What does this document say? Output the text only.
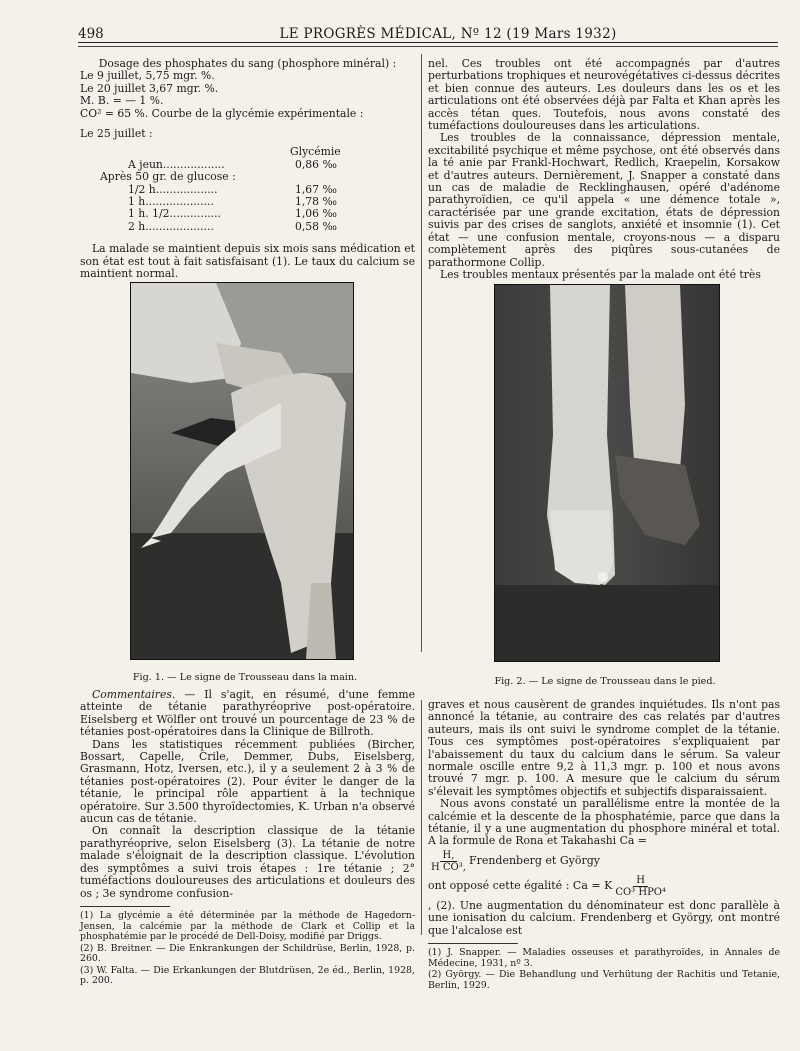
498	LE PROGRÈS MÉDICAL, Nº 12 (19 Mars 1932)

Dosage des phosphates du sang (phosphore minéral) :

Le 9 juillet, 5,75 mgr. %.

Le 20 juillet 3,67 mgr. %.

M. B. = — 1 %.

CO² = 65 %. Courbe de la glycémie expérimentale :

Le 25 juillet :

Glycémie

A jeun..................	0,86 ‰

Après 50 gr. de glucose :

1/2 h..................	1,67 ‰
1 h....................	1,78 ‰
1 h. 1/2...............	1,06 ‰
2 h....................	0,58 ‰

La malade se maintient depuis six mois sans médication et son état est tout à fait satisfaisant (1). Le taux du calcium se maintient normal.

nel. Ces troubles ont été accompagnés par d'autres perturbations trophiques et neurovégétatives ci-dessus décrites et bien connue des auteurs. Les douleurs dans les os et les articulations ont été observées déjà par Falta et Khan après les accès tétan ques. Toutefois, nous avons constaté des tuméfactions douloureuses dans les articulations.

Les troubles de la connaissance, dépression mentale, excitabilité psychique et même psychose, ont été observés dans la té anie par Frankl-Hochwart, Redlich, Kraepelin, Korsakow et d'autres auteurs. Dernièrement, J. Snapper a constaté dans un cas de maladie de Recklinghausen, opéré d'adénome parathyroïdien, ce qu'il appela « une démence totale », caractérisée par une grande excitation, états de dépression suivis par des crises de sanglots, anxiété et insomnie (1). Cet état — une confusion mentale, croyons-nous — a disparu complètement après des piqûres sous-cutanées de parathormone Collip.

Les troubles mentaux présentés par la malade ont été très

Fig. 1. — Le signe de Trousseau dans la main.	Fig. 2. — Le signe de Trousseau dans le pied.

Commentaires. — Il s'agit, en résumé, d'une femme atteinte de tétanie parathyréoprive post-opératoire. Eiselsberg et Wölfler ont trouvé un pourcentage de 23 % de tétanies post-opératoires dans la Clinique de Billroth.

Dans les statistiques récemment publiées (Bircher, Bossart, Capelle, Crile, Demmer, Dubs, Eiselsberg, Grasmann, Hotz, Iversen, etc.), il y a seulement 2 à 3 % de tétanies post-opératoires (2). Pour éviter le danger de la tétanie, le principal rôle appartient à la technique opératoire. Sur 3.500 thyroïdectomies, K. Urban n'a observé aucun cas de tétanie.

On connaît la description classique de la tétanie parathyréoprive, selon Eiselsberg (3). La tétanie de notre malade s'éloignait de la description classique. L'évolution des symptômes a suivi trois étapes : 1re tétanie ; 2° tuméfactions douloureuses des articulations et douleurs des os ; 3e syndrome confusion-

(1) La glycémie a été déterminée par la méthode de Hagedorn-Jensen, la calcémie par la méthode de Clark et Collip et la phosphatémie par le procédé de Dell-Doisy, modifié par Driggs.

(2) B. Breitner. — Die Enkrankungen der Schildrüse, Berlin, 1928, p. 260.

(3) W. Falta. — Die Erkankungen der Blutdrüsen, 2e éd., Berlin, 1928, p. 200.

graves et nous causèrent de grandes inquiétudes. Ils n'ont pas annoncé la tétanie, au contraire des cas relatés par d'autres auteurs, mais ils ont suivi le syndrome complet de la tétanie. Tous ces symptômes post-opératoires s'expliquaient par l'abaissement du taux du calcium dans le sérum. Sa valeur normale oscille entre 9,2 à 11,3 mgr. p. 100 et nous avons trouvé 7 mgr. p. 100. A mesure que le calcium du sérum s'élevait les symptômes objectifs et subjectifs disparaissaient.

Nous avons constaté un parallélisme entre la montée de la calcémie et la descente de la phosphatémie, parce que dans la tétanie, il y a une augmentation du phosphore minéral et total. A la formule de Rona et Takahashi Ca =

$\frac{H,}{\text{H CO³,}}$ Frendenberg et György
ont opposé cette égalité : Ca = K $\frac{H}{\text{CO³ HPO⁴}}$

, (2). Une augmentation du dénominateur est donc parallèle à une ionisation du calcium. Frendenberg et György, ont montré que l'alcalose est

(1) J. Snapper. — Maladies osseuses et parathyroïdes, in Annales de Médecine, 1931, nº 3.

(2) György. — Die Behandlung und Verhütung der Rachitis und Tetanie, Berlin, 1929.
